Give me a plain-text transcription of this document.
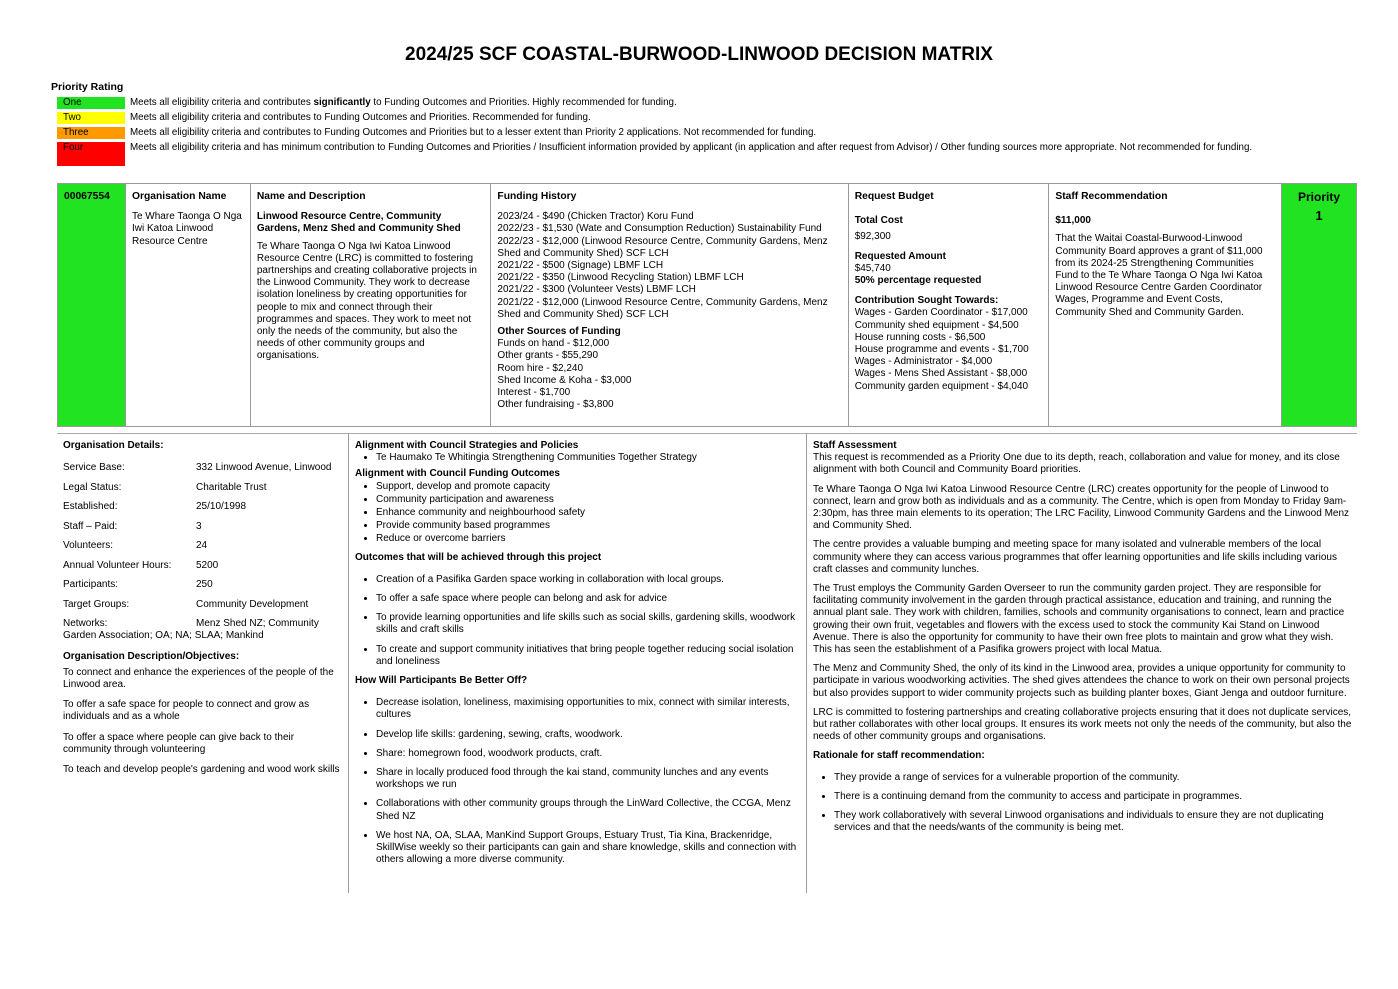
2024/25 SCF COASTAL-BURWOOD-LINWOOD DECISION MATRIX
Priority Rating
One	Meets all eligibility criteria and contributes significantly to Funding Outcomes and Priorities. Highly recommended for funding.
Two	Meets all eligibility criteria and contributes to Funding Outcomes and Priorities. Recommended for funding.
Three	Meets all eligibility criteria and contributes to Funding Outcomes and Priorities but to a lesser extent than Priority 2 applications. Not recommended for funding.
Four	Meets all eligibility criteria and has minimum contribution to Funding Outcomes and Priorities / Insufficient information provided by applicant (in application and after request from Advisor) / Other funding sources more appropriate. Not recommended for funding.
00067554	Organisation Name
Te Whare Taonga O Nga Iwi Katoa Linwood Resource Centre

Name and Description

Linwood Resource Centre, Community Gardens, Menz Shed and Community Shed

Te Whare Taonga O Nga Iwi Katoa Linwood Resource Centre (LRC) is committed to fostering partnerships and creating collaborative projects in the Linwood Community. They work to decrease isolation loneliness by creating opportunities for people to mix and connect through their programmes and spaces. They work to meet not only the needs of the community, but also the needs of other community groups and organisations.

Funding History
2023/24 - $490 (Chicken Tractor) Koru Fund
2022/23 - $1,530 (Wate and Consumption Reduction) Sustainability Fund
2022/23 - $12,000 (Linwood Resource Centre, Community Gardens, Menz Shed and Community Shed) SCF LCH
2021/22 - $500 (Signage) LBMF LCH
2021/22 - $350 (Linwood Recycling Station) LBMF LCH
2021/22 - $300 (Volunteer Vests) LBMF LCH
2021/22 - $12,000 (Linwood Resource Centre, Community Gardens, Menz Shed and Community Shed) SCF LCH
Other Sources of Funding
Funds on hand - $12,000
Other grants - $55,290
Room hire - $2,240
Shed Income & Koha - $3,000
Interest - $1,700
Other fundraising - $3,800

Request Budget
Total Cost
$92,300
Requested Amount
$45,740
50% percentage requested
Contribution Sought Towards:
Wages - Garden Coordinator - $17,000
Community shed equipment - $4,500
House running costs - $6,500
House programme and events - $1,700
Wages - Administrator - $4,000
Wages - Mens Shed Assistant - $8,000
Community garden equipment - $4,040

Staff Recommendation
$11,000
That the Waitai Coastal-Burwood-Linwood Community Board approves a grant of $11,000 from its 2024-25 Strengthening Communities Fund to the Te Whare Taonga O Nga Iwi Katoa Linwood Resource Centre Garden Coordinator Wages, Programme and Event Costs, Community Shed and Community Garden.

Priority
1
Organisation Details:
Service Base:	332 Linwood Avenue, Linwood
Legal Status:	Charitable Trust
Established:	25/10/1998
Staff – Paid:	3
Volunteers:	24
Annual Volunteer Hours:	5200
Participants:	250
Target Groups:	Community Development
Networks:	Menz Shed NZ; Community Garden Association; OA; NA; SLAA; Mankind
Organisation Description/Objectives:

To connect and enhance the experiences of the people of the Linwood area.

To offer a safe space for people to connect and grow as individuals and as a whole

To offer a space where people can give back to their community through volunteering

To teach and develop people's gardening and wood work skills

Alignment with Council Strategies and Policies
• Te Haumako Te Whitingia Strengthening Communities Together Strategy
Alignment with Council Funding Outcomes
• Support, develop and promote capacity
• Community participation and awareness
• Enhance community and neighbourhood safety
• Provide community based programmes
• Reduce or overcome barriers
Outcomes that will be achieved through this project
• Creation of a Pasifika Garden space working in collaboration with local groups.
• To offer a safe space where people can belong and ask for advice
• To provide learning opportunities and life skills such as social skills, gardening skills, woodwork skills and craft skills
• To create and support community initiatives that bring people together reducing social isolation and loneliness
How Will Participants Be Better Off?
• Decrease isolation, loneliness, maximising opportunities to mix, connect with similar interests, cultures
• Develop life skills: gardening, sewing, crafts, woodwork.
• Share: homegrown food, woodwork products, craft.
• Share in locally produced food through the kai stand, community lunches and any events workshops we run
• Collaborations with other community groups through the LinWard Collective, the CCGA, Menz Shed NZ
• We host NA, OA, SLAA, ManKind Support Groups, Estuary Trust, Tia Kina, Brackenridge, SkillWise weekly so their participants can gain and share knowledge, skills and connection with others allowing a more diverse community.
Staff Assessment

This request is recommended as a Priority One due to its depth, reach, collaboration and value for money, and its close alignment with both Council and Community Board priorities.

Te Whare Taonga O Nga Iwi Katoa Linwood Resource Centre (LRC) creates opportunity for the people of Linwood to connect, learn and grow both as individuals and as a community. The Centre, which is open from Monday to Friday 9am-2:30pm, has three main elements to its operation; The LRC Facility, Linwood Community Gardens and the Linwood Menz and Community Shed.

The centre provides a valuable bumping and meeting space for many isolated and vulnerable members of the local community where they can access various programmes that offer learning opportunities and life skills including various craft classes and community lunches.

The Trust employs the Community Garden Overseer to run the community garden project. They are responsible for facilitating community involvement in the garden through practical assistance, education and training, and running the annual plant sale. They work with children, families, schools and community organisations to connect, learn and practice growing their own fruit, vegetables and flowers with the excess used to stock the community Kai Stand on Linwood Avenue. There is also the opportunity for community to have their own free plots to maintain and grow what they wish. This has seen the establishment of a Pasifika growers project with local Matua.

The Menz and Community Shed, the only of its kind in the Linwood area, provides a unique opportunity for community to participate in various woodworking activities. The shed gives attendees the chance to work on their own personal projects but also provides support to wider community projects such as building planter boxes, Giant Jenga and outdoor furniture.

LRC is committed to fostering partnerships and creating collaborative projects ensuring that it does not duplicate services, but rather collaborates with other local groups. It ensures its work meets not only the needs of the community, but also the needs of other community groups and organisations.

Rationale for staff recommendation:
• They provide a range of services for a vulnerable proportion of the community.
• There is a continuing demand from the community to access and participate in programmes.
• They work collaboratively with several Linwood organisations and individuals to ensure they are not duplicating services and that the needs/wants of the community is being met.
